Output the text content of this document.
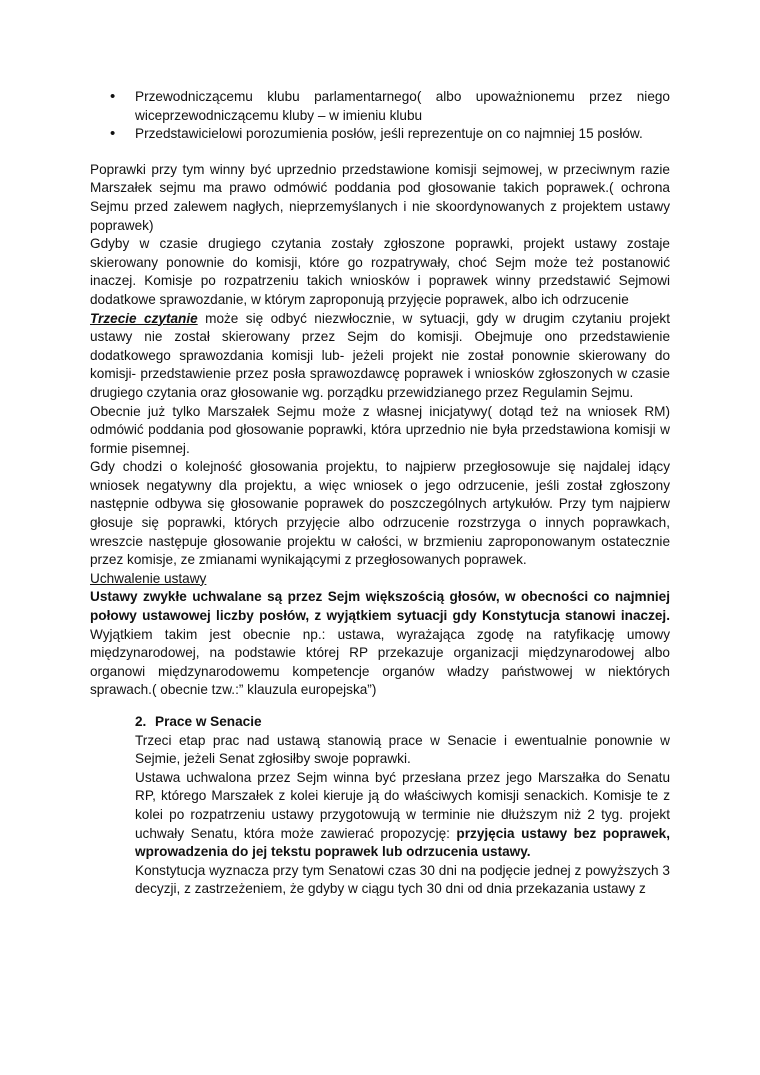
• Przewodniczącemu klubu parlamentarnego( albo upoważnionemu przez niego wiceprzewodniczącemu kluby – w imieniu klubu
• Przedstawicielowi porozumienia posłów, jeśli reprezentuje on co najmniej 15 posłów.

Poprawki przy tym winny być uprzednio przedstawione komisji sejmowej, w przeciwnym razie Marszałek sejmu ma prawo odmówić poddania pod głosowanie takich poprawek.( ochrona Sejmu przed zalewem nagłych, nieprzemyślanych i nie skoordynowanych z projektem ustawy poprawek)

Gdyby w czasie drugiego czytania zostały zgłoszone poprawki, projekt ustawy zostaje skierowany ponownie do komisji, które go rozpatrywały, choć Sejm może też postanowić inaczej. Komisje po rozpatrzeniu takich wniosków i poprawek winny przedstawić Sejmowi dodatkowe sprawozdanie, w którym zaproponują przyjęcie poprawek, albo ich odrzucenie

Trzecie czytanie może się odbyć niezwłocznie, w sytuacji, gdy w drugim czytaniu projekt ustawy nie został skierowany przez Sejm do komisji. Obejmuje ono przedstawienie dodatkowego sprawozdania komisji lub- jeżeli projekt nie został ponownie skierowany do komisji- przedstawienie przez posła sprawozdawcę poprawek i wniosków zgłoszonych w czasie drugiego czytania oraz głosowanie wg. porządku przewidzianego przez Regulamin Sejmu.

Obecnie już tylko Marszałek Sejmu może z własnej inicjatywy( dotąd też na wniosek RM) odmówić poddania pod głosowanie poprawki, która uprzednio nie była przedstawiona komisji w formie pisemnej.

Gdy chodzi o kolejność głosowania projektu, to najpierw przegłosowuje się najdalej idący wniosek negatywny dla projektu, a więc wniosek o jego odrzucenie, jeśli został zgłoszony następnie odbywa się głosowanie poprawek do poszczególnych artykułów. Przy tym najpierw głosuje się poprawki, których przyjęcie albo odrzucenie rozstrzyga o innych poprawkach, wreszcie następuje głosowanie projektu w całości, w brzmieniu zaproponowanym ostatecznie przez komisje, ze zmianami wynikającymi z przegłosowanych poprawek.

Uchwalenie ustawy

Ustawy zwykłe uchwalane są przez Sejm większością głosów, w obecności co najmniej połowy ustawowej liczby posłów, z wyjątkiem sytuacji gdy Konstytucja stanowi inaczej. Wyjątkiem takim jest obecnie np.: ustawa, wyrażająca zgodę na ratyfikację umowy międzynarodowej, na podstawie której RP przekazuje organizacji międzynarodowej albo organowi międzynarodowemu kompetencje organów władzy państwowej w niektórych sprawach.( obecnie tzw.:” klauzula europejska”)

2. Prace w Senacie

Trzeci etap prac nad ustawą stanowią prace w Senacie i ewentualnie ponownie w Sejmie, jeżeli Senat zgłosiłby swoje poprawki.

Ustawa uchwalona przez Sejm winna być przesłana przez jego Marszałka do Senatu RP, którego Marszałek z kolei kieruje ją do właściwych komisji senackich. Komisje te z kolei po rozpatrzeniu ustawy przygotowują w terminie nie dłuższym niż 2 tyg. projekt uchwały Senatu, która może zawierać propozycję: przyjęcia ustawy bez poprawek, wprowadzenia do jej tekstu poprawek lub odrzucenia ustawy.

Konstytucja wyznacza przy tym Senatowi czas 30 dni na podjęcie jednej z powyższych 3 decyzji, z zastrzeżeniem, że gdyby w ciągu tych 30 dni od dnia przekazania ustawy z
